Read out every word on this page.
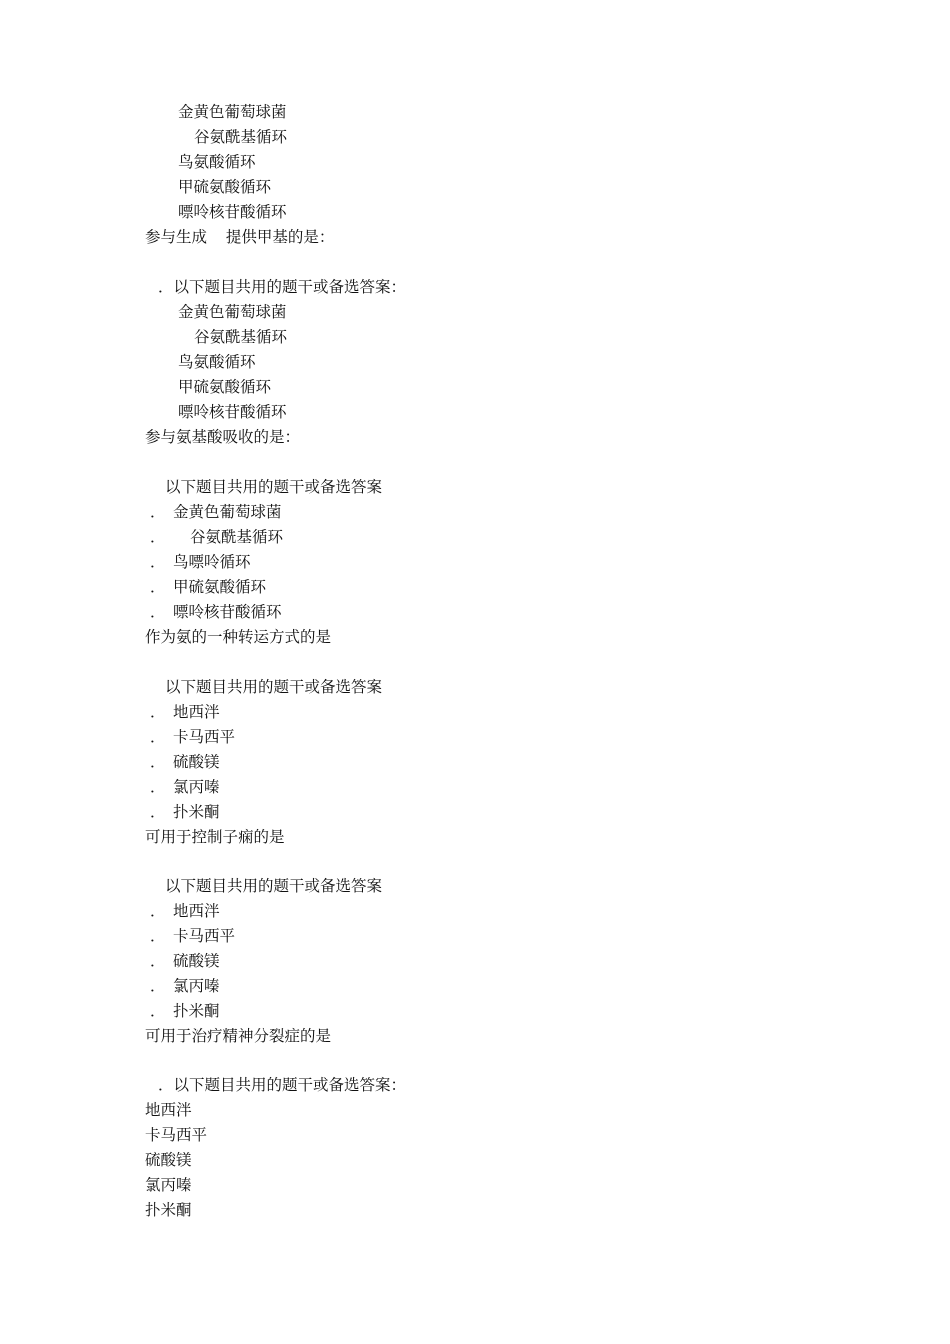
金黄色葡萄球菌
谷氨酰基循环
鸟氨酸循环
甲硫氨酸循环
嘌呤核苷酸循环
参与生成 提供甲基的是：
．以下题目共用的题干或备选答案：
金黄色葡萄球菌
谷氨酰基循环
鸟氨酸循环
甲硫氨酸循环
嘌呤核苷酸循环
参与氨基酸吸收的是：
以下题目共用的题干或备选答案
． 金黄色葡萄球菌
． 谷氨酰基循环
． 鸟嘌呤循环
． 甲硫氨酸循环
． 嘌呤核苷酸循环
作为氨的一种转运方式的是
以下题目共用的题干或备选答案
． 地西泮
． 卡马西平
． 硫酸镁
． 氯丙嗪
． 扑米酮
可用于控制子痫的是
以下题目共用的题干或备选答案
． 地西泮
． 卡马西平
． 硫酸镁
． 氯丙嗪
． 扑米酮
可用于治疗精神分裂症的是
．以下题目共用的题干或备选答案：
地西泮
卡马西平
硫酸镁
氯丙嗪
扑米酮
